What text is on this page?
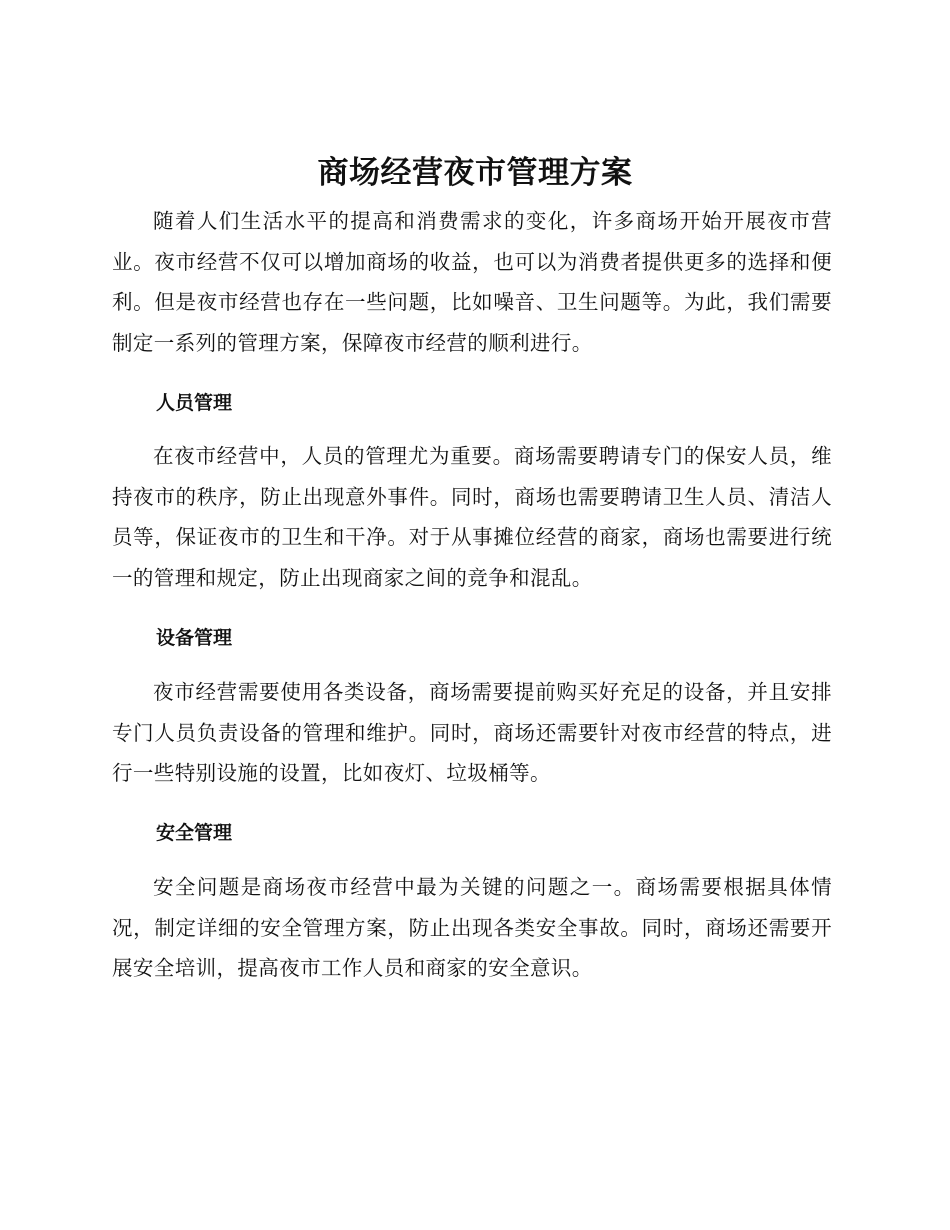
商场经营夜市管理方案

随着人们生活水平的提高和消费需求的变化，许多商场开始开展夜市营业。夜市经营不仅可以增加商场的收益，也可以为消费者提供更多的选择和便利。但是夜市经营也存在一些问题，比如噪音、卫生问题等。为此，我们需要制定一系列的管理方案，保障夜市经营的顺利进行。

人员管理

在夜市经营中，人员的管理尤为重要。商场需要聘请专门的保安人员，维持夜市的秩序，防止出现意外事件。同时，商场也需要聘请卫生人员、清洁人员等，保证夜市的卫生和干净。对于从事摊位经营的商家，商场也需要进行统一的管理和规定，防止出现商家之间的竞争和混乱。

设备管理

夜市经营需要使用各类设备，商场需要提前购买好充足的设备，并且安排专门人员负责设备的管理和维护。同时，商场还需要针对夜市经营的特点，进行一些特别设施的设置，比如夜灯、垃圾桶等。

安全管理

安全问题是商场夜市经营中最为关键的问题之一。商场需要根据具体情况，制定详细的安全管理方案，防止出现各类安全事故。同时，商场还需要开展安全培训，提高夜市工作人员和商家的安全意识。
